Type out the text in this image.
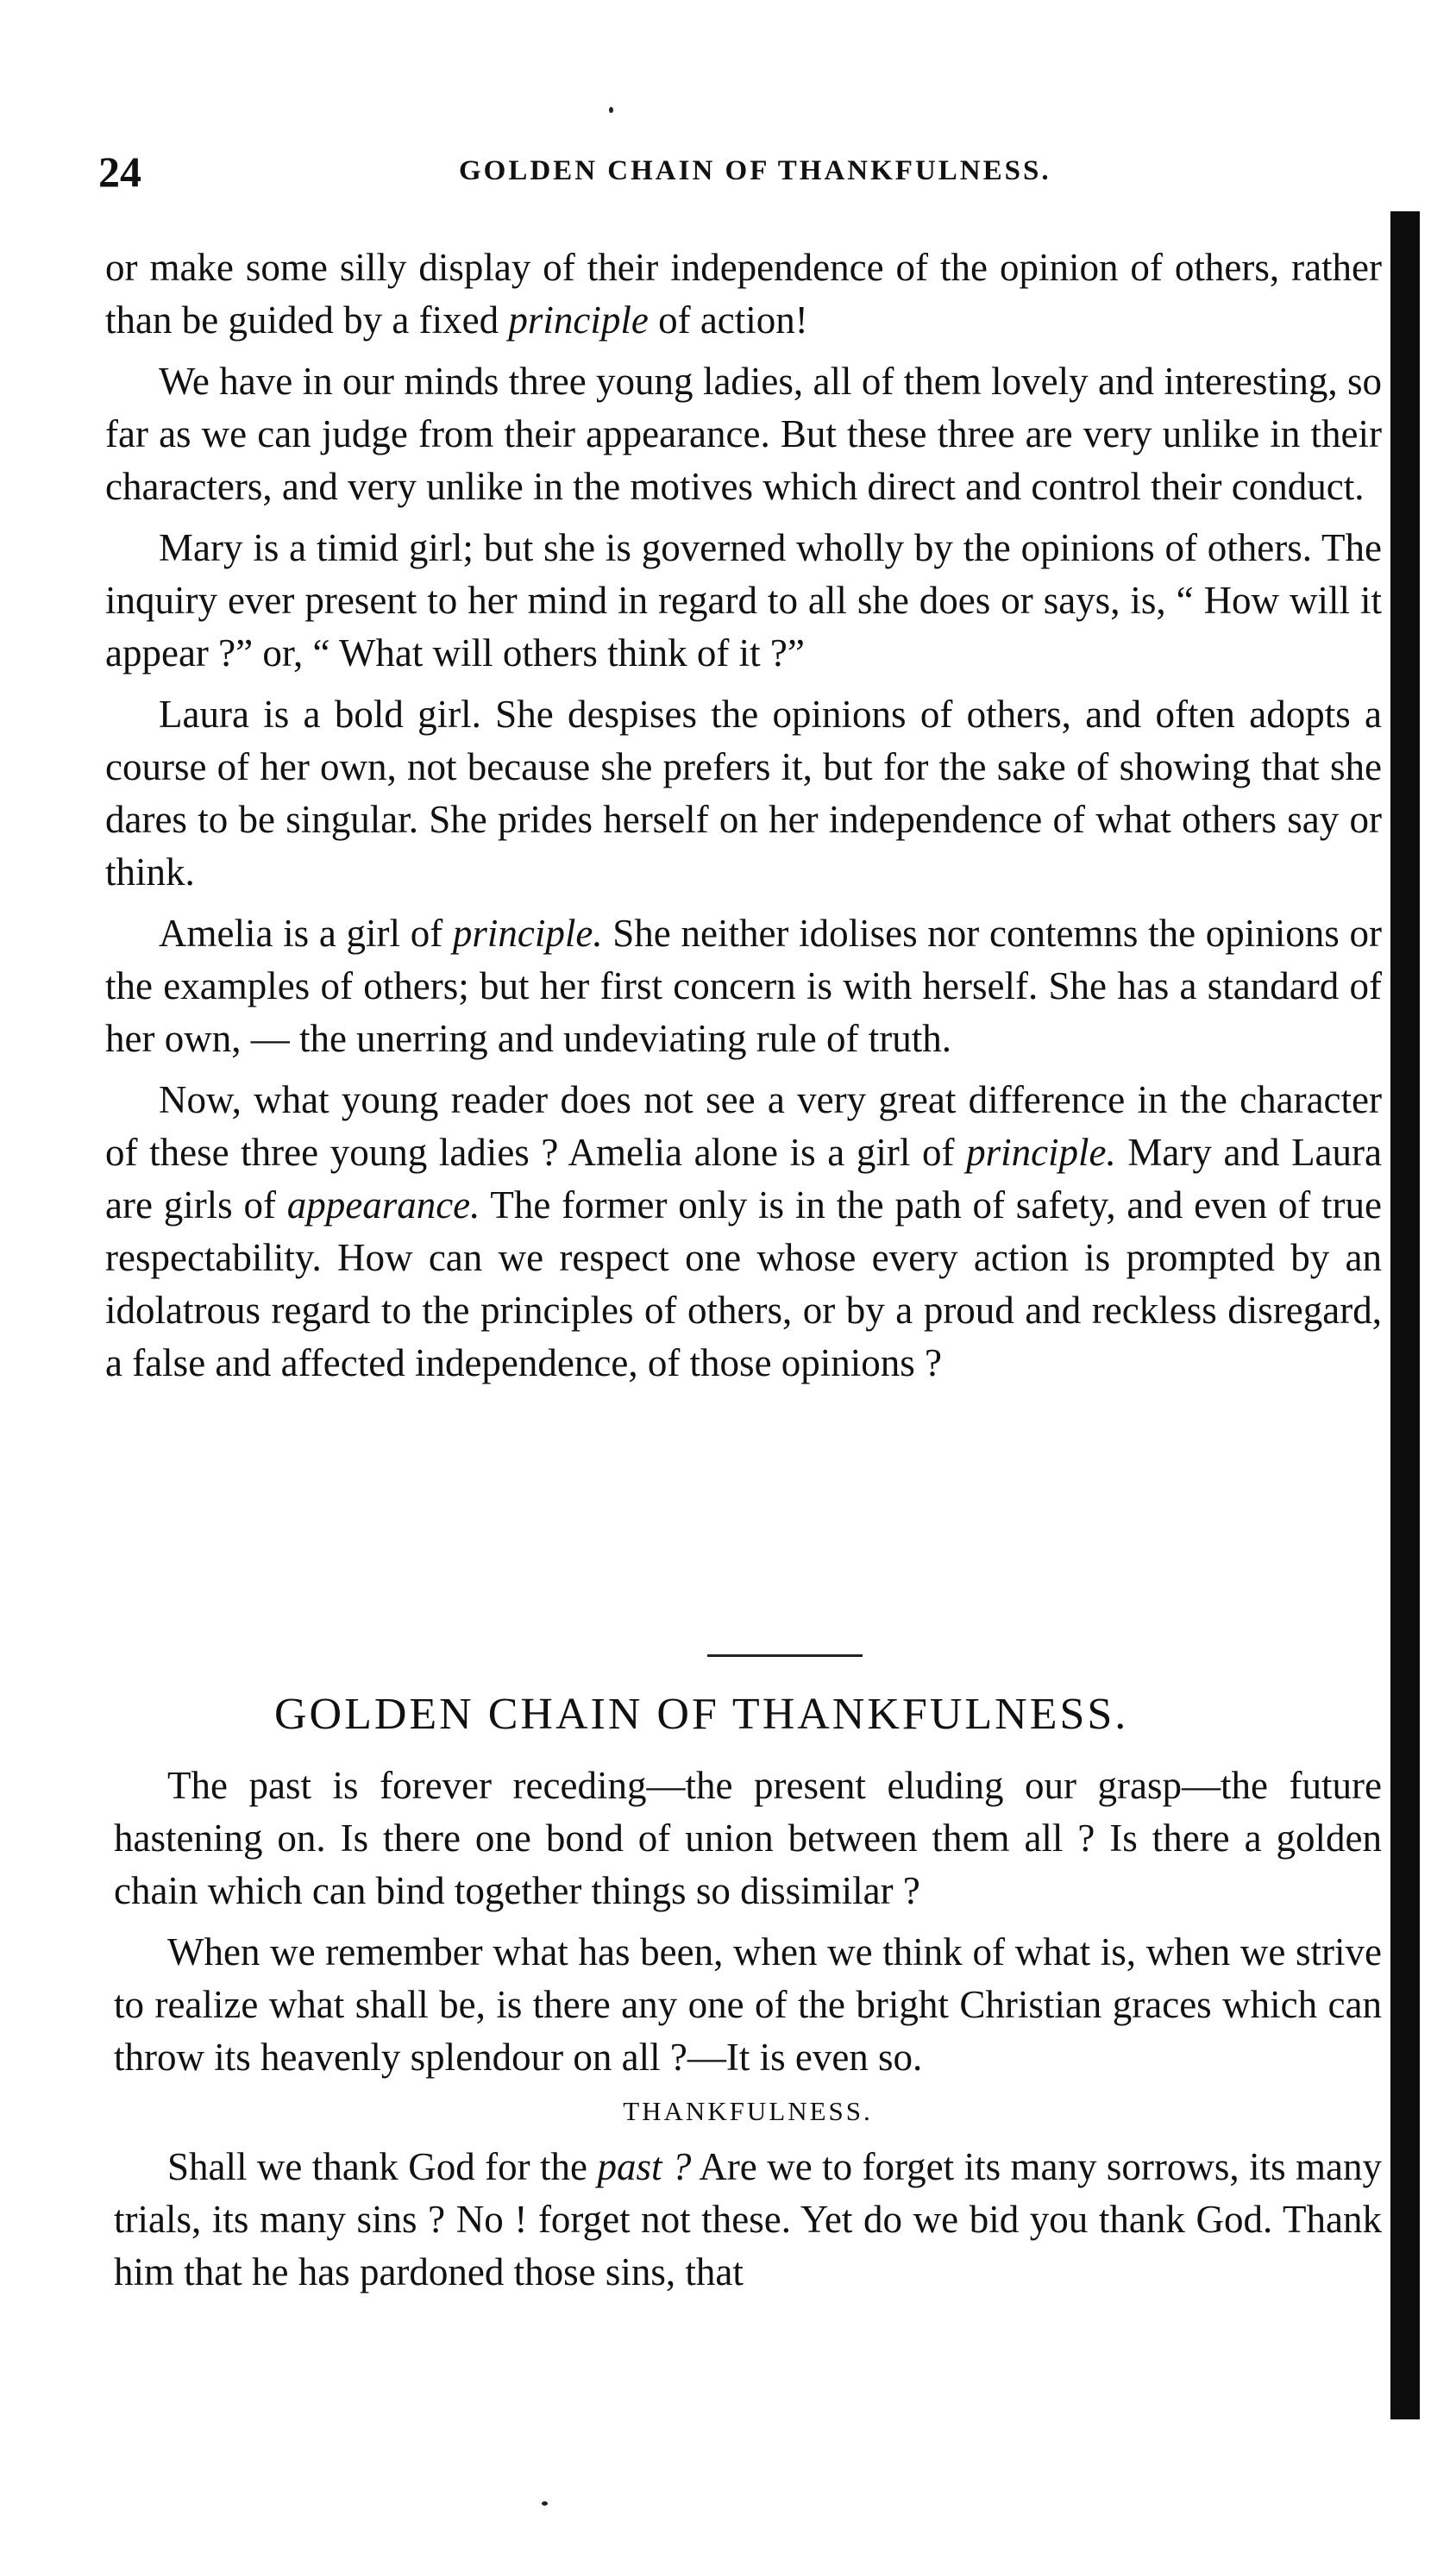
24	GOLDEN CHAIN OF THANKFULNESS.

or make some silly display of their independence of the opinion of others, rather than be guided by a fixed principle of action!

We have in our minds three young ladies, all of them lovely and interesting, so far as we can judge from their appearance. But these three are very unlike in their characters, and very unlike in the motives which direct and control their conduct.

Mary is a timid girl; but she is governed wholly by the opinions of others. The inquiry ever present to her mind in regard to all she does or says, is, “ How will it appear ?” or, “ What will others think of it ?”

Laura is a bold girl. She despises the opinions of others, and often adopts a course of her own, not because she prefers it, but for the sake of showing that she dares to be singular. She prides herself on her independence of what others say or think.

Amelia is a girl of principle. She neither idolises nor contemns the opinions or the examples of others; but her first concern is with herself. She has a standard of her own, — the unerring and undeviating rule of truth.

Now, what young reader does not see a very great difference in the character of these three young ladies ? Amelia alone is a girl of principle. Mary and Laura are girls of appearance. The former only is in the path of safety, and even of true respectability. How can we respect one whose every action is prompted by an idolatrous regard to the principles of others, or by a proud and reckless disregard, a false and affected independence, of those opinions ?

GOLDEN CHAIN OF THANKFULNESS.

The past is forever receding—the present eluding our grasp—the future hastening on. Is there one bond of union between them all ? Is there a golden chain which can bind together things so dissimilar ?

When we remember what has been, when we think of what is, when we strive to realize what shall be, is there any one of the bright Christian graces which can throw its heavenly splendour on all ?—It is even so.

THANKFULNESS.

Shall we thank God for the past ? Are we to forget its many sorrows, its many trials, its many sins ? No ! forget not these. Yet do we bid you thank God. Thank him that he has pardoned those sins, that
